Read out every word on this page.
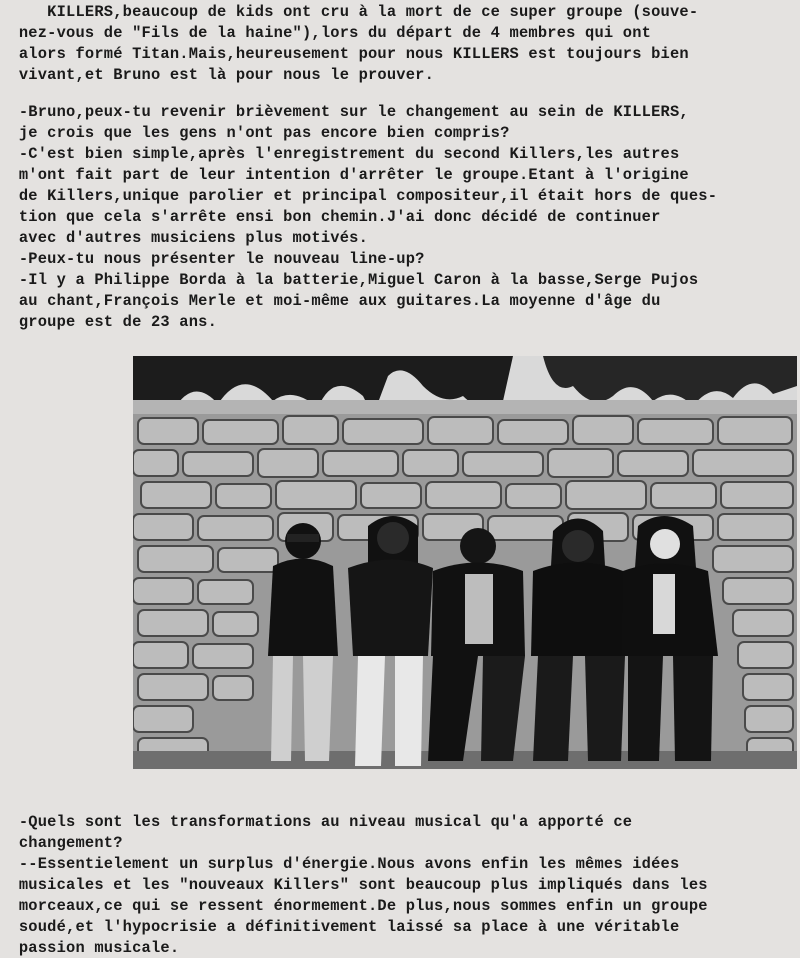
KILLERS,beaucoup de kids ont cru à la mort de ce super groupe (souve-
nez-vous de "Fils de la haine"),lors du départ de 4 membres qui ont
alors formé Titan.Mais,heureusement pour nous KILLERS est toujours bien
vivant,et Bruno est là pour nous le prouver.
-Bruno,peux-tu revenir brièvement sur le changement au sein de KILLERS,
je crois que les gens n'ont pas encore bien compris?
-C'est bien simple,après l'enregistrement du second Killers,les autres
m'ont fait part de leur intention d'arrêter le groupe.Etant à l'origine
de Killers,unique parolier et principal compositeur,il était hors de ques-
tion que cela s'arrête ensi bon chemin.J'ai donc décidé de continuer
avec d'autres musiciens plus motivés.
-Peux-tu nous présenter le nouveau line-up?
-Il y a Philippe Borda à la batterie,Miguel Caron à la basse,Serge Pujos
au chant,François Merle et moi-même aux guitares.La moyenne d'âge du
groupe est de 23 ans.
-Quels sont les transformations au niveau musical qu'a apporté ce
changement?
--Essentielement un surplus d'énergie.Nous avons enfin les mêmes idées
musicales et les "nouveaux Killers" sont beaucoup plus impliqués dans les
morceaux,ce qui se ressent énormement.De plus,nous sommes enfin un groupe
soudé,et l'hypocrisie a définitivement laissé sa place à une véritable
passion musicale.
